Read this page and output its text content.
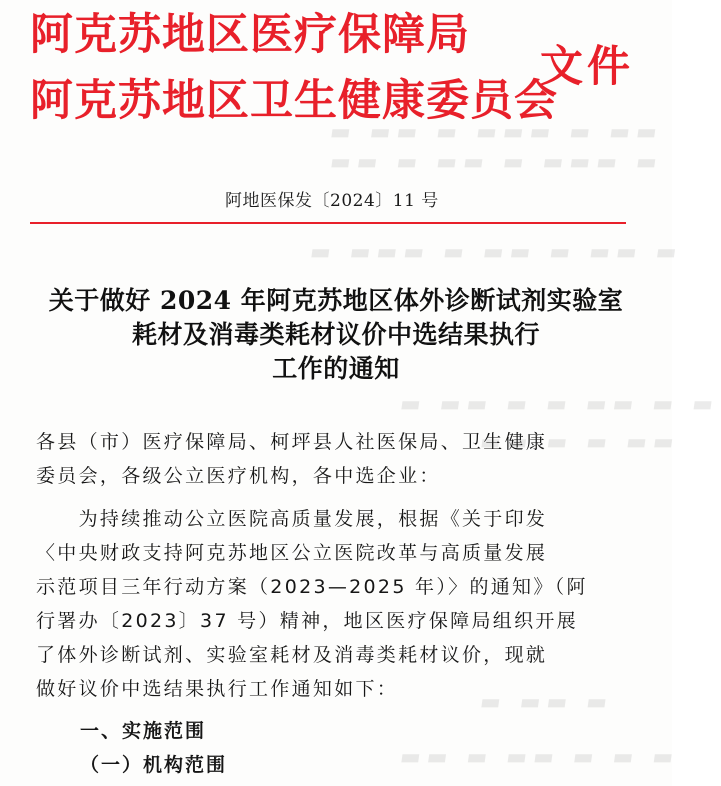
▬ ▬▬ ▬ ▬▬▬ ▬ ▬▬
▬▬ ▬ ▬▬ ▬ ▬▬▬ ▬
▬ ▬▬▬ ▬ ▬▬ ▬ ▬▬ ▬
▬ ▬▬ ▬ ▬ ▬▬ ▬ ▬
▬▬ ▬ ▬ ▬▬
▬ ▬▬ ▬
▬▬ ▬ ▬▬ ▬ ▬ ▬
阿克苏地区医疗保障局
阿克苏地区卫生健康委员会
文件
阿地医保发〔2024〕11 号
关于做好 2024 年阿克苏地区体外诊断试剂实验室
耗材及消毒类耗材议价中选结果执行
工作的通知
各县（市）医疗保障局、柯坪县人社医保局、卫生健康
委员会，各级公立医疗机构，各中选企业：
　　为持续推动公立医院高质量发展，根据《关于印发
〈中央财政支持阿克苏地区公立医院改革与高质量发展
示范项目三年行动方案（2023—2025 年）〉的通知》（阿
行署办〔2023〕37 号）精神，地区医疗保障局组织开展
了体外诊断试剂、实验室耗材及消毒类耗材议价，现就
做好议价中选结果执行工作通知如下：
一、实施范围
（一）机构范围
